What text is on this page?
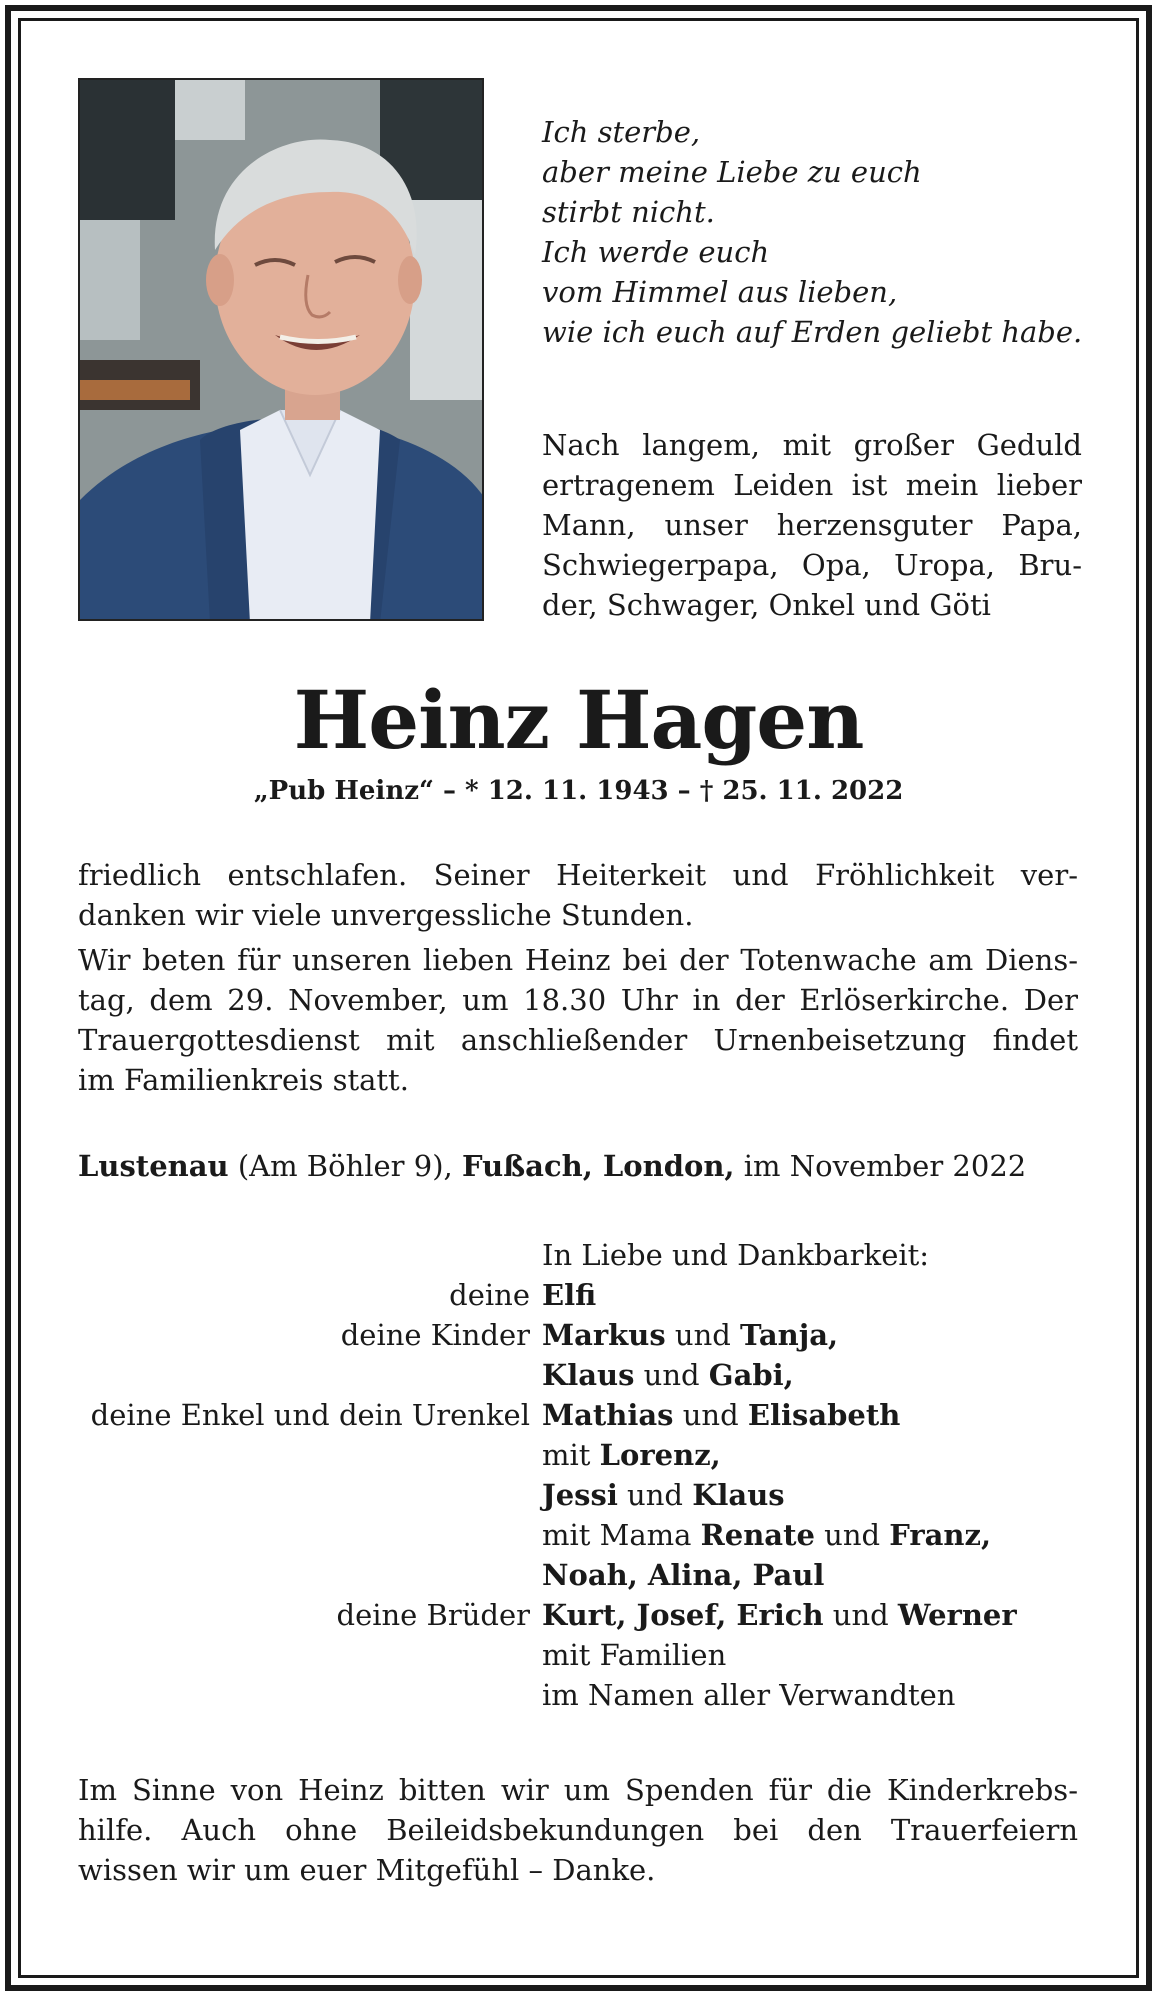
Ich sterbe,
aber meine Liebe zu euch
stirbt nicht.
Ich werde euch
vom Himmel aus lieben,
wie ich euch auf Erden geliebt habe.
Nach langem, mit großer Geduld
ertragenem Leiden ist mein lieber
Mann, unser herzensguter Papa,
Schwiegerpapa, Opa, Uropa, Bru-
der, Schwager, Onkel und Göti
Heinz Hagen
„Pub Heinz“ – * 12. 11. 1943 – † 25. 11. 2022
friedlich entschlafen. Seiner Heiterkeit und Fröhlichkeit ver-
danken wir viele unvergessliche Stunden.
Wir beten für unseren lieben Heinz bei der Totenwache am Diens-
tag, dem 29. November, um 18.30 Uhr in der Erlöserkirche. Der
Trauergottesdienst mit anschließender Urnenbeisetzung findet
im Familienkreis statt.
Lustenau (Am Böhler 9), Fußach, London, im November 2022
In Liebe und Dankbarkeit:
deine Elfi
deine Kinder Markus und Tanja,
Klaus und Gabi,
deine Enkel und dein Urenkel Mathias und Elisabeth
mit Lorenz,
Jessi und Klaus
mit Mama Renate und Franz,
Noah, Alina, Paul
deine Brüder Kurt, Josef, Erich und Werner
mit Familien
im Namen aller Verwandten
Im Sinne von Heinz bitten wir um Spenden für die Kinderkrebs-
hilfe. Auch ohne Beileidsbekundungen bei den Trauerfeiern
wissen wir um euer Mitgefühl – Danke.
